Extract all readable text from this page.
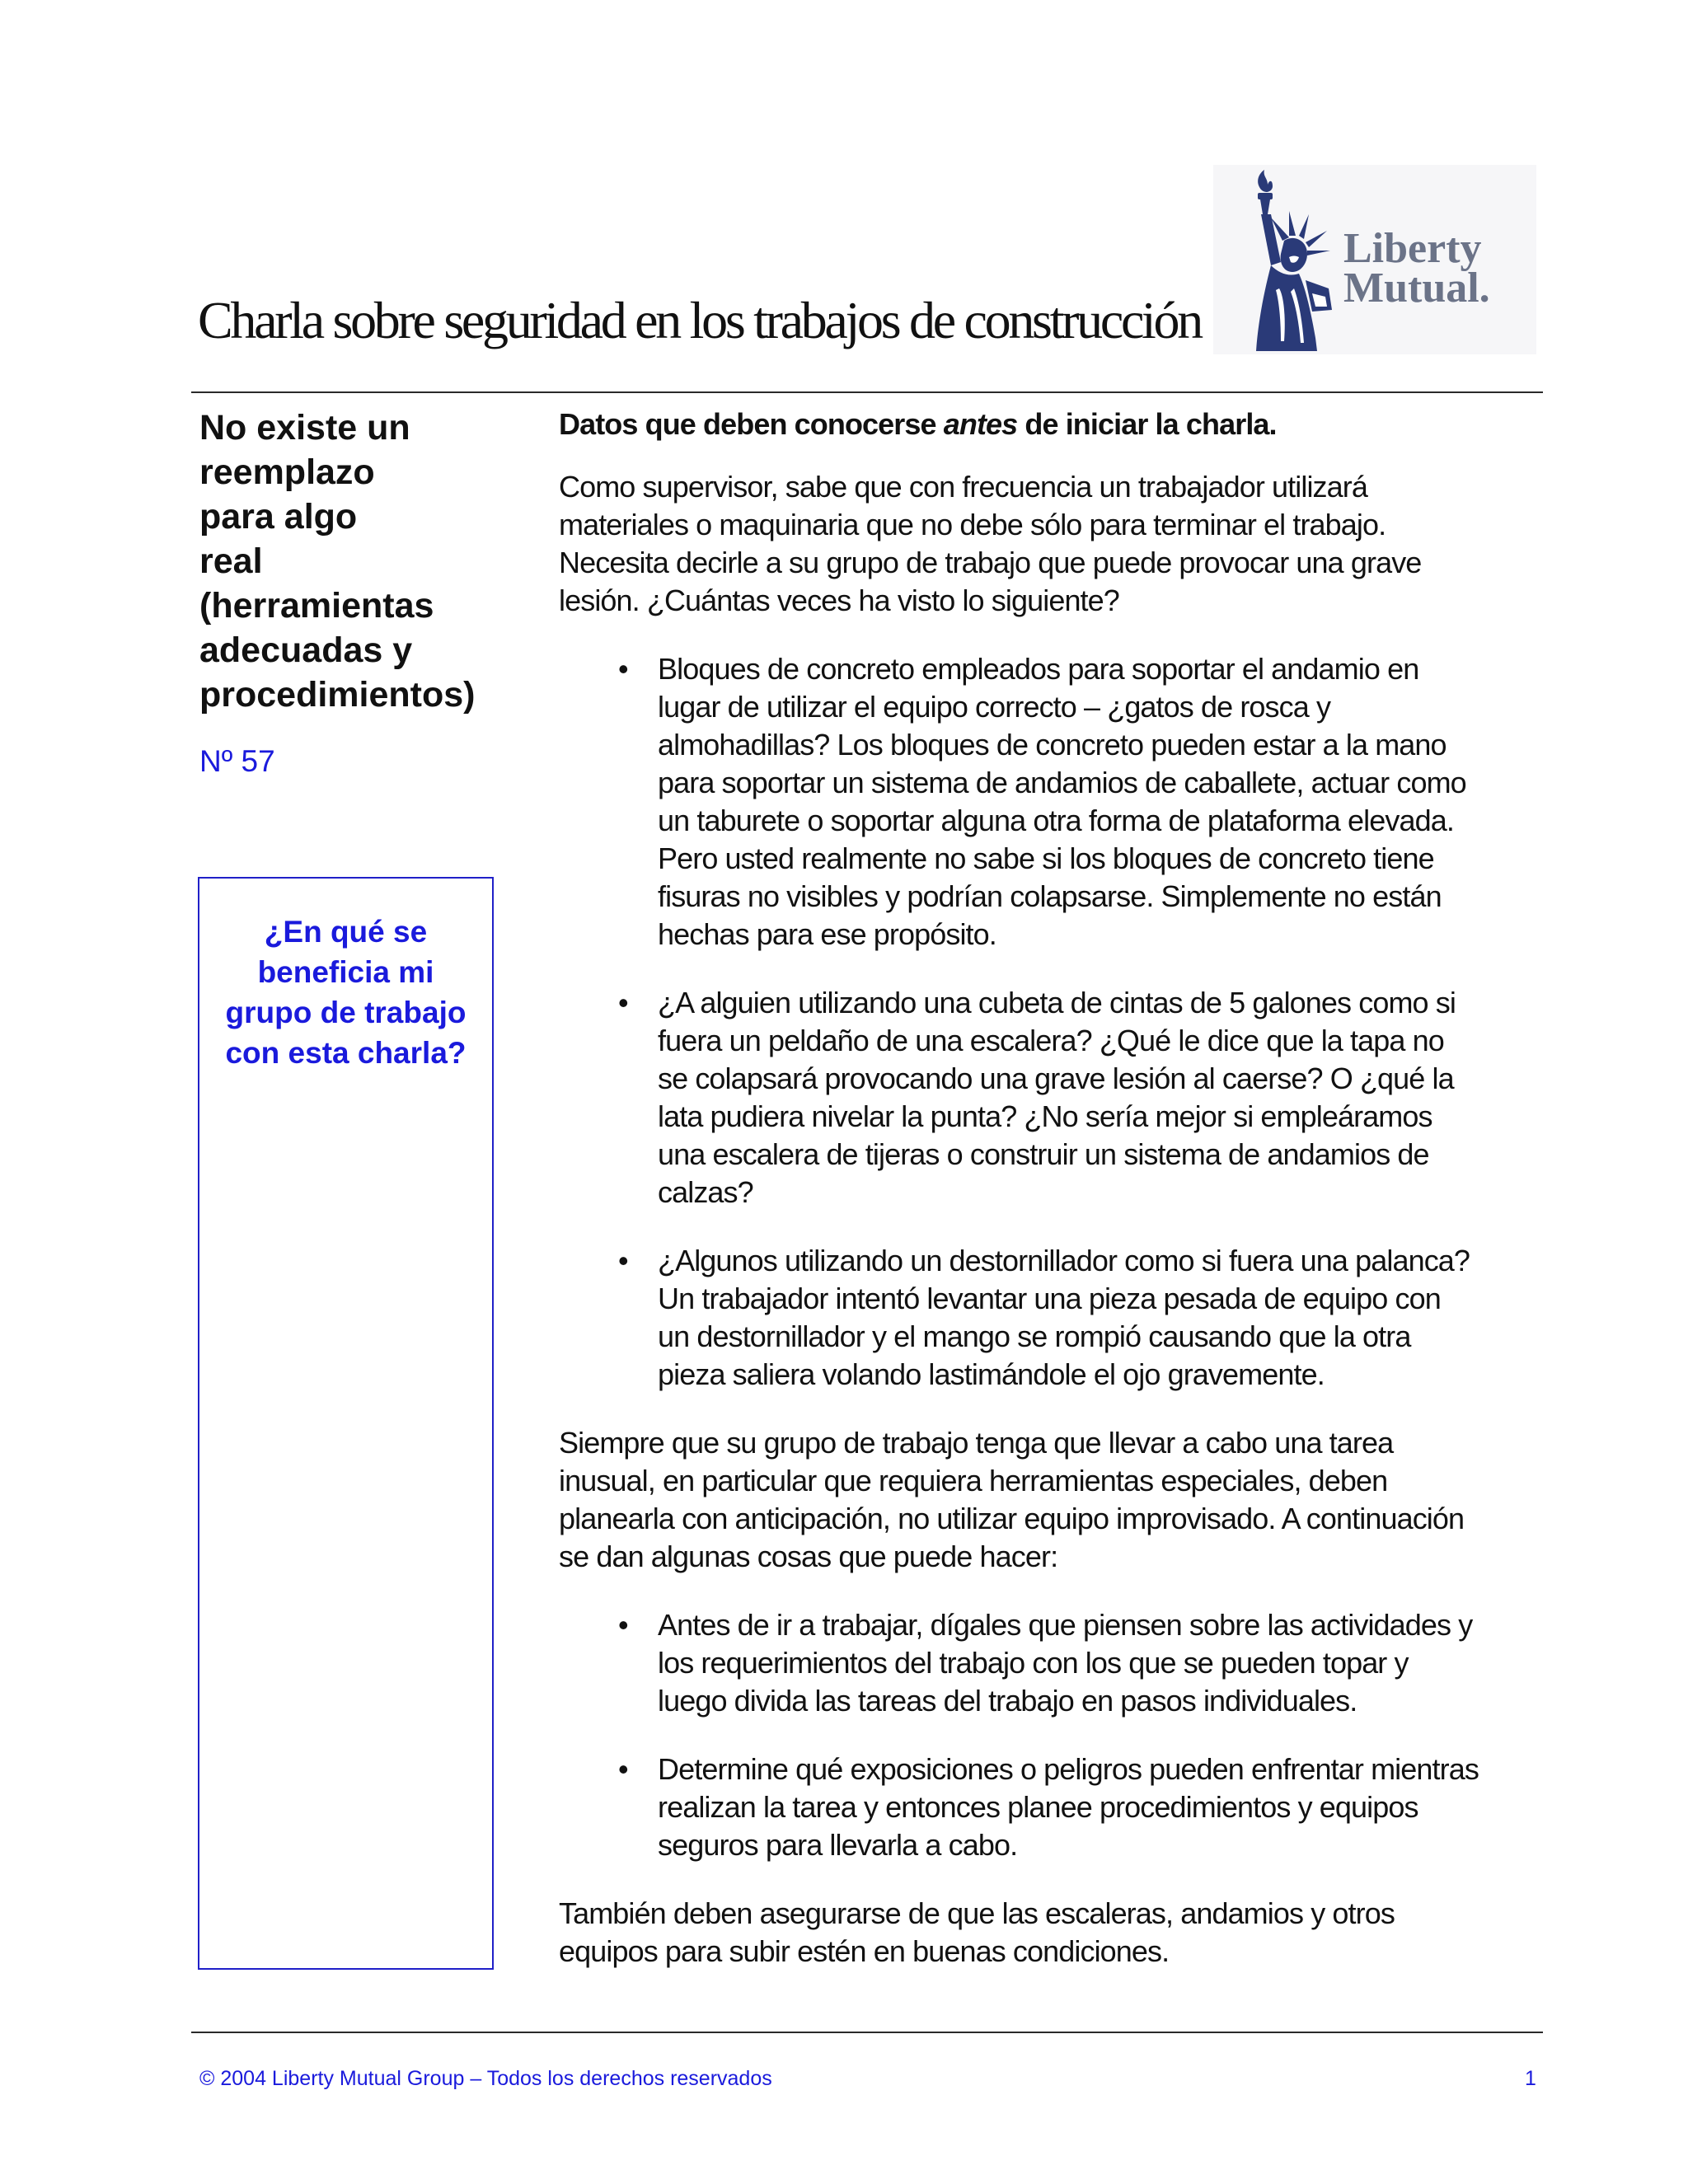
Charla sobre seguridad en los trabajos de construcción
Liberty
Mutual.
No existe un
reemplazo
para algo
real
(herramientas
adecuadas y
procedimientos)
Nº 57

¿En qué se
beneficia mi
grupo de trabajo
con esta charla?

Datos que deben conocerse antes de iniciar la charla.

Como supervisor, sabe que con frecuencia un trabajador utilizará
materiales o maquinaria que no debe sólo para terminar el trabajo.
Necesita decirle a su grupo de trabajo que puede provocar una grave
lesión. ¿Cuántas veces ha visto lo siguiente?

• Bloques de concreto empleados para soportar el andamio en
lugar de utilizar el equipo correcto – ¿gatos de rosca y
almohadillas? Los bloques de concreto pueden estar a la mano
para soportar un sistema de andamios de caballete, actuar como
un taburete o soportar alguna otra forma de plataforma elevada.
Pero usted realmente no sabe si los bloques de concreto tiene
fisuras no visibles y podrían colapsarse. Simplemente no están
hechas para ese propósito.
• ¿A alguien utilizando una cubeta de cintas de 5 galones como si
fuera un peldaño de una escalera? ¿Qué le dice que la tapa no
se colapsará provocando una grave lesión al caerse? O ¿qué la
lata pudiera nivelar la punta? ¿No sería mejor si empleáramos
una escalera de tijeras o construir un sistema de andamios de
calzas?
• ¿Algunos utilizando un destornillador como si fuera una palanca?
Un trabajador intentó levantar una pieza pesada de equipo con
un destornillador y el mango se rompió causando que la otra
pieza saliera volando lastimándole el ojo gravemente.

Siempre que su grupo de trabajo tenga que llevar a cabo una tarea
inusual, en particular que requiera herramientas especiales, deben
planearla con anticipación, no utilizar equipo improvisado. A continuación
se dan algunas cosas que puede hacer:

• Antes de ir a trabajar, dígales que piensen sobre las actividades y
los requerimientos del trabajo con los que se pueden topar y
luego divida las tareas del trabajo en pasos individuales.
• Determine qué exposiciones o peligros pueden enfrentar mientras
realizan la tarea y entonces planee procedimientos y equipos
seguros para llevarla a cabo.

También deben asegurarse de que las escaleras, andamios y otros
equipos para subir estén en buenas condiciones.

© 2004 Liberty Mutual Group – Todos los derechos reservados	1
